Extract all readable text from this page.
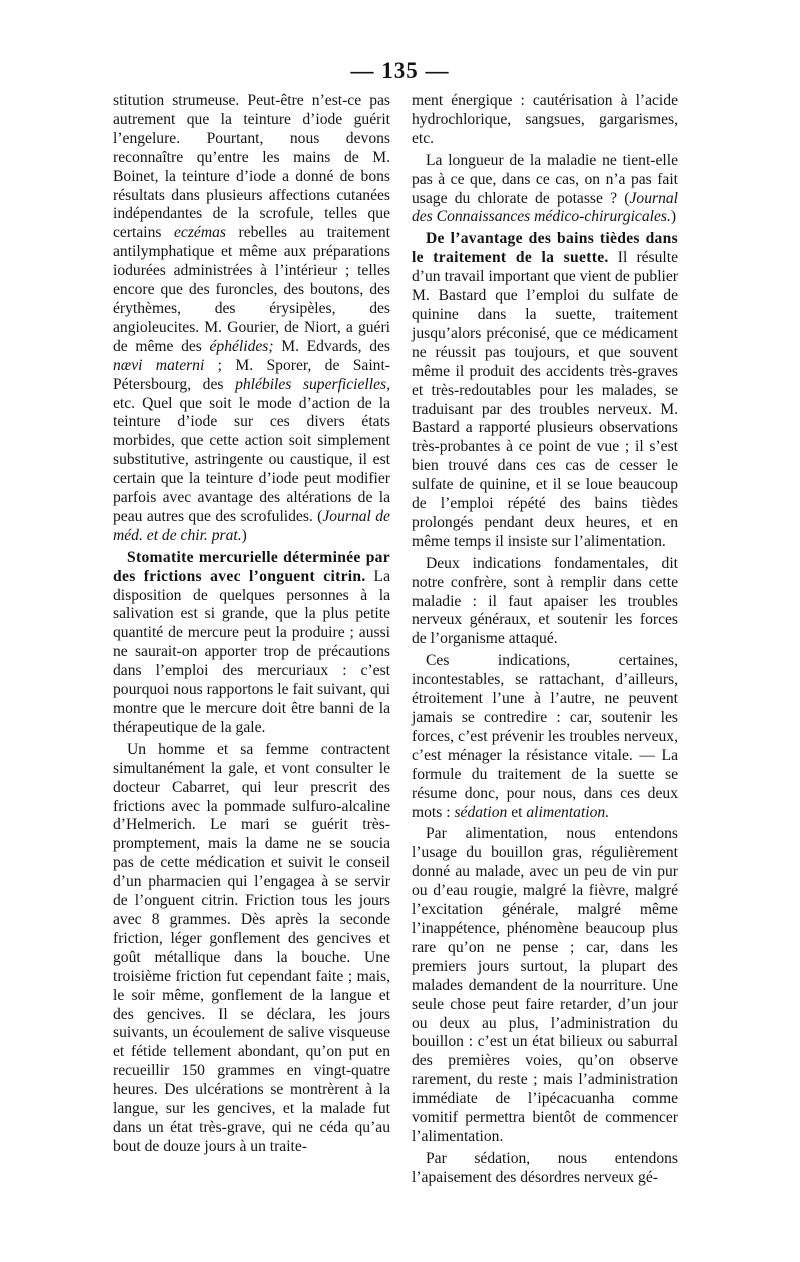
— 135 —

stitution strumeuse. Peut-être n’est-ce pas autrement que la teinture d’iode guérit l’engelure. Pourtant, nous devons reconnaître qu’entre les mains de M. Boinet, la teinture d’iode a donné de bons résultats dans plusieurs affections cutanées indépendantes de la scrofule, telles que certains eczémas rebelles au traitement antilymphatique et même aux préparations iodurées administrées à l’intérieur ; telles encore que des furoncles, des boutons, des érythèmes, des érysipèles, des angioleucites. M. Gourier, de Niort, a guéri de même des éphélides; M. Edvards, des nævi materni ; M. Sporer, de Saint-Pétersbourg, des phlébiles superficielles, etc. Quel que soit le mode d’action de la teinture d’iode sur ces divers états morbides, que cette action soit simplement substitutive, astringente ou caustique, il est certain que la teinture d’iode peut modifier parfois avec avantage des altérations de la peau autres que des scrofulides. (Journal de méd. et de chir. prat.)

Stomatite mercurielle déterminée par des frictions avec l’onguent citrin. La disposition de quelques personnes à la salivation est si grande, que la plus petite quantité de mercure peut la produire ; aussi ne saurait-on apporter trop de précautions dans l’emploi des mercuriaux : c’est pourquoi nous rapportons le fait suivant, qui montre que le mercure doit être banni de la thérapeutique de la gale.

Un homme et sa femme contractent simultanément la gale, et vont consulter le docteur Cabarret, qui leur prescrit des frictions avec la pommade sulfuro-alcaline d’Helmerich. Le mari se guérit très-promptement, mais la dame ne se soucia pas de cette médication et suivit le conseil d’un pharmacien qui l’engagea à se servir de l’onguent citrin. Friction tous les jours avec 8 grammes. Dès après la seconde friction, léger gonflement des gencives et goût métallique dans la bouche. Une troisième friction fut cependant faite ; mais, le soir même, gonflement de la langue et des gencives. Il se déclara, les jours suivants, un écoulement de salive visqueuse et fétide tellement abondant, qu’on put en recueillir 150 grammes en vingt-quatre heures. Des ulcérations se montrèrent à la langue, sur les gencives, et la malade fut dans un état très-grave, qui ne céda qu’au bout de douze jours à un traite-

ment énergique : cautérisation à l’acide hydrochlorique, sangsues, gargarismes, etc.

La longueur de la maladie ne tient-elle pas à ce que, dans ce cas, on n’a pas fait usage du chlorate de potasse ? (Journal des Connaissances médico-chirurgicales.)

De l’avantage des bains tièdes dans le traitement de la suette. Il résulte d’un travail important que vient de publier M. Bastard que l’emploi du sulfate de quinine dans la suette, traitement jusqu’alors préconisé, que ce médicament ne réussit pas toujours, et que souvent même il produit des accidents très-graves et très-redoutables pour les malades, se traduisant par des troubles nerveux. M. Bastard a rapporté plusieurs observations très-probantes à ce point de vue ; il s’est bien trouvé dans ces cas de cesser le sulfate de quinine, et il se loue beaucoup de l’emploi répété des bains tièdes prolongés pendant deux heures, et en même temps il insiste sur l’alimentation.

Deux indications fondamentales, dit notre confrère, sont à remplir dans cette maladie : il faut apaiser les troubles nerveux généraux, et soutenir les forces de l’organisme attaqué.

Ces indications, certaines, incontestables, se rattachant, d’ailleurs, étroitement l’une à l’autre, ne peuvent jamais se contredire : car, soutenir les forces, c’est prévenir les troubles nerveux, c’est ménager la résistance vitale. — La formule du traitement de la suette se résume donc, pour nous, dans ces deux mots : sédation et alimentation.

Par alimentation, nous entendons l’usage du bouillon gras, régulièrement donné au malade, avec un peu de vin pur ou d’eau rougie, malgré la fièvre, malgré l’excitation générale, malgré même l’inappétence, phénomène beaucoup plus rare qu’on ne pense ; car, dans les premiers jours surtout, la plupart des malades demandent de la nourriture. Une seule chose peut faire retarder, d’un jour ou deux au plus, l’administration du bouillon : c’est un état bilieux ou saburral des premières voies, qu’on observe rarement, du reste ; mais l’administration immédiate de l’ipécacuanha comme vomitif permettra bientôt de commencer l’alimentation.

Par sédation, nous entendons l’apaisement des désordres nerveux gé-
